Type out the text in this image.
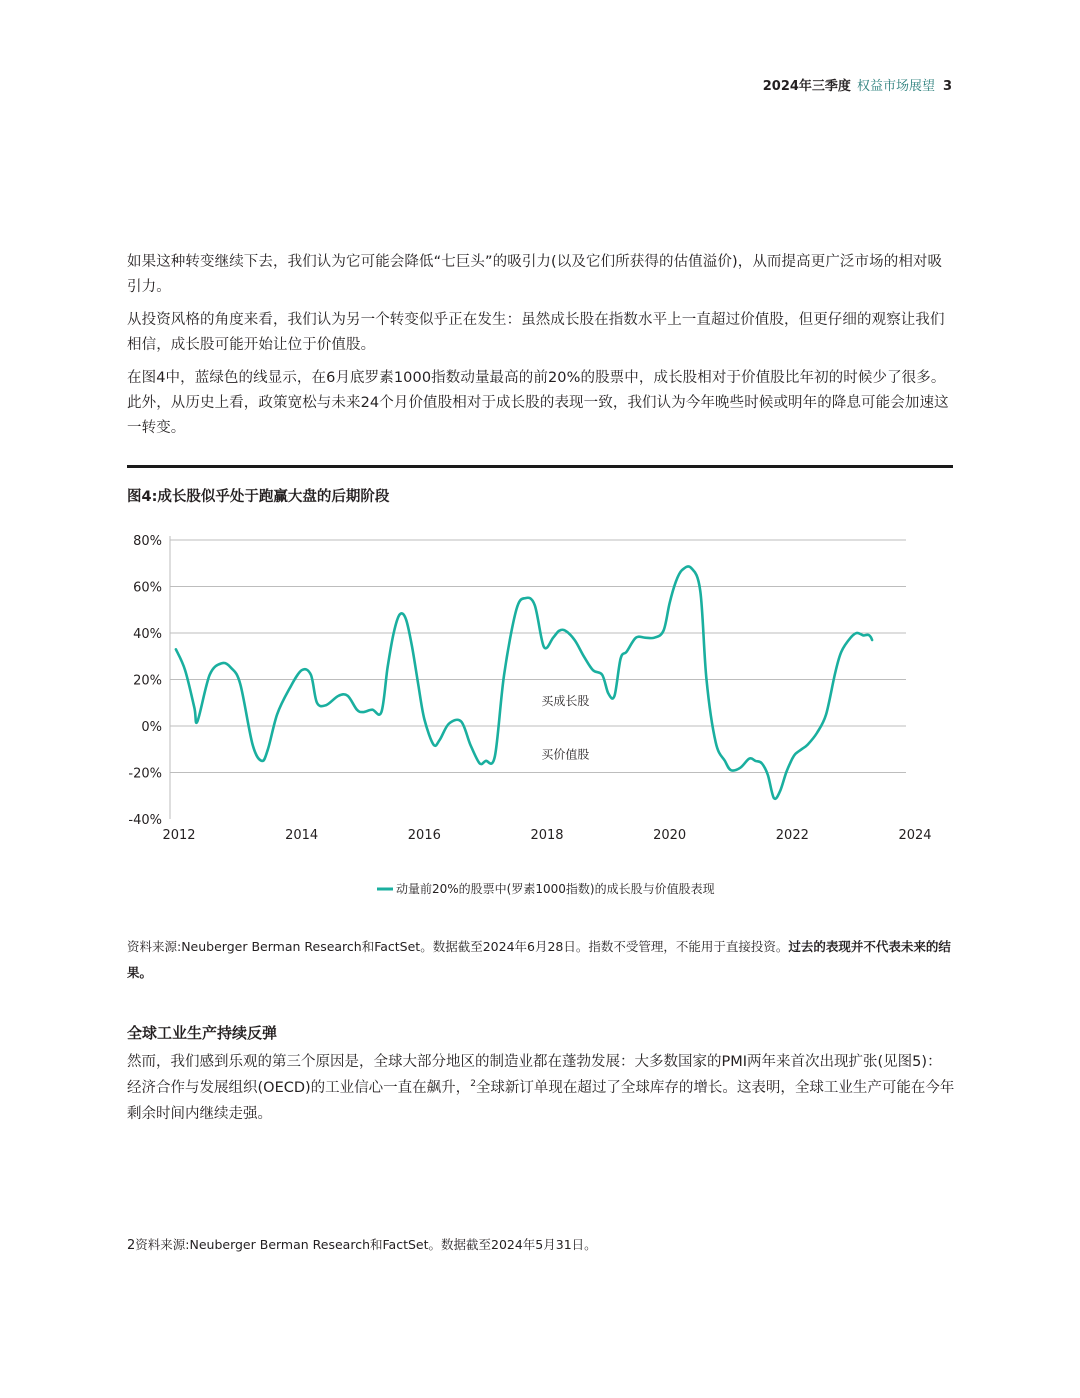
2024年三季度 权益市场展望 3

如果这种转变继续下去，我们认为它可能会降低“七巨头”的吸引力(以及它们所获得的估值溢价)，从而提高更广泛市场的相对吸引力。

从投资风格的角度来看，我们认为另一个转变似乎正在发生：虽然成长股在指数水平上一直超过价值股，但更仔细的观察让我们相信，成长股可能开始让位于价值股。

在图4中，蓝绿色的线显示，在6月底罗素1000指数动量最高的前20%的股票中，成长股相对于价值股比年初的时候少了很多。此外，从历史上看，政策宽松与未来24个月价值股相对于成长股的表现一致，我们认为今年晚些时候或明年的降息可能会加速这一转变。

图4:成长股似乎处于跑赢大盘的后期阶段
-40%
-20%
0%
20%
40%
60%
80%
2012	2014	2016	2018	2020	2022	2024
买成长股
买价值股
动量前20%的股票中(罗素1000指数)的成长股与价值股表现
资料来源:Neuberger Berman Research和FactSet。数据截至2024年6月28日。指数不受管理，不能用于直接投资。过去的表现并不代表未来的结果。
全球工业生产持续反弹

然而，我们感到乐观的第三个原因是，全球大部分地区的制造业都在蓬勃发展：大多数国家的PMI两年来首次出现扩张(见图5)：经济合作与发展组织(OECD)的工业信心一直在飙升，$^2$全球新订单现在超过了全球库存的增长。这表明，全球工业生产可能在今年剩余时间内继续走强。

2资料来源:Neuberger Berman Research和FactSet。数据截至2024年5月31日。
